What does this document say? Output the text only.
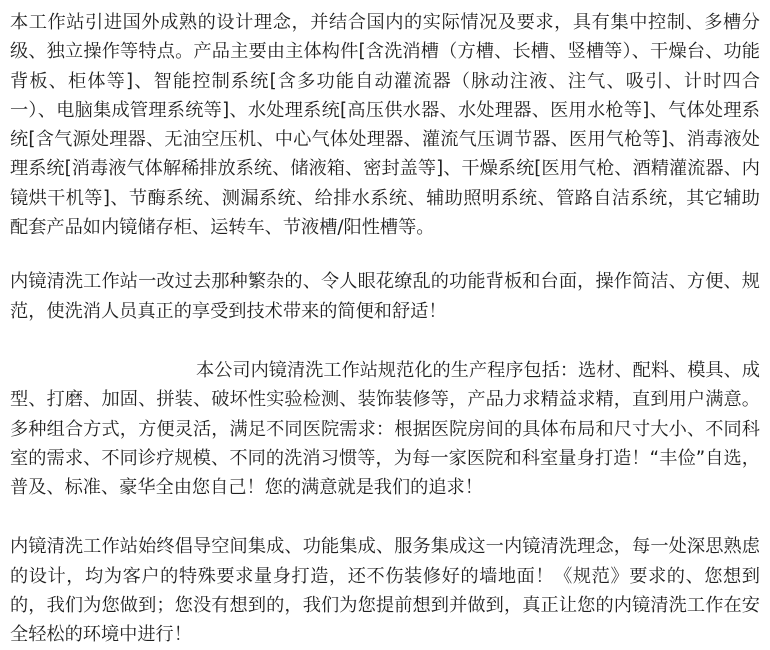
本工作站引进国外成熟的设计理念，并结合国内的实际情况及要求，具有集中控制、多槽分级、独立操作等特点。产品主要由主体构件[含洗消槽（方槽、长槽、竖槽等）、干燥台、功能背板、柜体等]、智能控制系统[含多功能自动灌流器（脉动注液、注气、吸引、计时四合一）、电脑集成管理系统等]、水处理系统[高压供水器、水处理器、医用水枪等]、气体处理系统[含气源处理器、无油空压机、中心气体处理器、灌流气压调节器、医用气枪等]、消毒液处理系统[消毒液气体解稀排放系统、储液箱、密封盖等]、干燥系统[医用气枪、酒精灌流器、内镜烘干机等]、节酶系统、测漏系统、给排水系统、辅助照明系统、管路自洁系统，其它辅助配套产品如内镜储存柜、运转车、节液槽/阳性槽等。

内镜清洗工作站一改过去那种繁杂的、令人眼花缭乱的功能背板和台面，操作简洁、方便、规范，使洗消人员真正的享受到技术带来的简便和舒适！

本公司内镜清洗工作站规范化的生产程序包括：选材、配料、模具、成型、打磨、加固、拼装、破坏性实验检测、装饰装修等，产品力求精益求精，直到用户满意。多种组合方式，方便灵活，满足不同医院需求：根据医院房间的具体布局和尺寸大小、不同科室的需求、不同诊疗规模、不同的洗消习惯等，为每一家医院和科室量身打造！“丰俭”自选，普及、标准、豪华全由您自己！您的满意就是我们的追求！

内镜清洗工作站始终倡导空间集成、功能集成、服务集成这一内镜清洗理念，每一处深思熟虑的设计，均为客户的特殊要求量身打造，还不伤装修好的墙地面！《规范》要求的、您想到的，我们为您做到；您没有想到的，我们为您提前想到并做到，真正让您的内镜清洗工作在安全轻松的环境中进行！
